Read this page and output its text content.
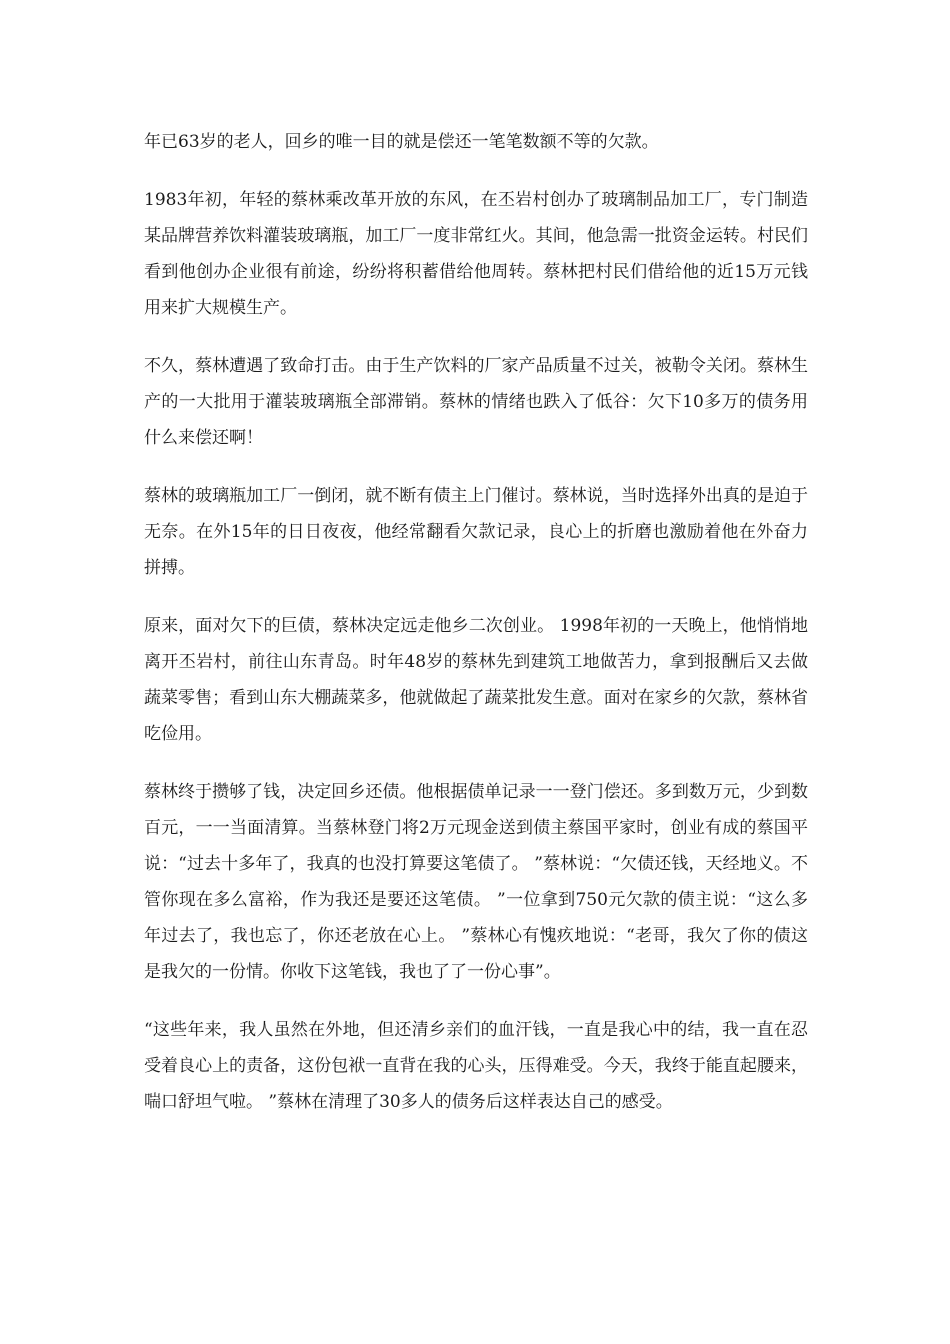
年已63岁的老人，回乡的唯一目的就是偿还一笔笔数额不等的欠款。

1983年初，年轻的蔡林乘改革开放的东风，在丕岩村创办了玻璃制品加工厂，专门制造某品牌营养饮料灌装玻璃瓶，加工厂一度非常红火。其间，他急需一批资金运转。村民们看到他创办企业很有前途，纷纷将积蓄借给他周转。蔡林把村民们借给他的近15万元钱用来扩大规模生产。

不久，蔡林遭遇了致命打击。由于生产饮料的厂家产品质量不过关，被勒令关闭。蔡林生产的一大批用于灌装玻璃瓶全部滞销。蔡林的情绪也跌入了低谷：欠下10多万的债务用什么来偿还啊！

蔡林的玻璃瓶加工厂一倒闭，就不断有债主上门催讨。蔡林说，当时选择外出真的是迫于无奈。在外15年的日日夜夜，他经常翻看欠款记录，良心上的折磨也激励着他在外奋力拼搏。

原来，面对欠下的巨债，蔡林决定远走他乡二次创业。 1998年初的一天晚上，他悄悄地离开丕岩村，前往山东青岛。时年48岁的蔡林先到建筑工地做苦力，拿到报酬后又去做蔬菜零售；看到山东大棚蔬菜多，他就做起了蔬菜批发生意。面对在家乡的欠款，蔡林省吃俭用。

蔡林终于攒够了钱，决定回乡还债。他根据债单记录一一登门偿还。多到数万元，少到数百元，一一当面清算。当蔡林登门将2万元现金送到债主蔡国平家时，创业有成的蔡国平说：“过去十多年了，我真的也没打算要这笔债了。 ”蔡林说：“欠债还钱，天经地义。不管你现在多么富裕，作为我还是要还这笔债。 ”一位拿到750元欠款的债主说：“这么多年过去了，我也忘了，你还老放在心上。 ”蔡林心有愧疚地说：“老哥，我欠了你的债这是我欠的一份情。你收下这笔钱，我也了了一份心事”。

“这些年来，我人虽然在外地，但还清乡亲们的血汗钱，一直是我心中的结，我一直在忍受着良心上的责备，这份包袱一直背在我的心头，压得难受。今天，我终于能直起腰来，喘口舒坦气啦。 ”蔡林在清理了30多人的债务后这样表达自己的感受。
